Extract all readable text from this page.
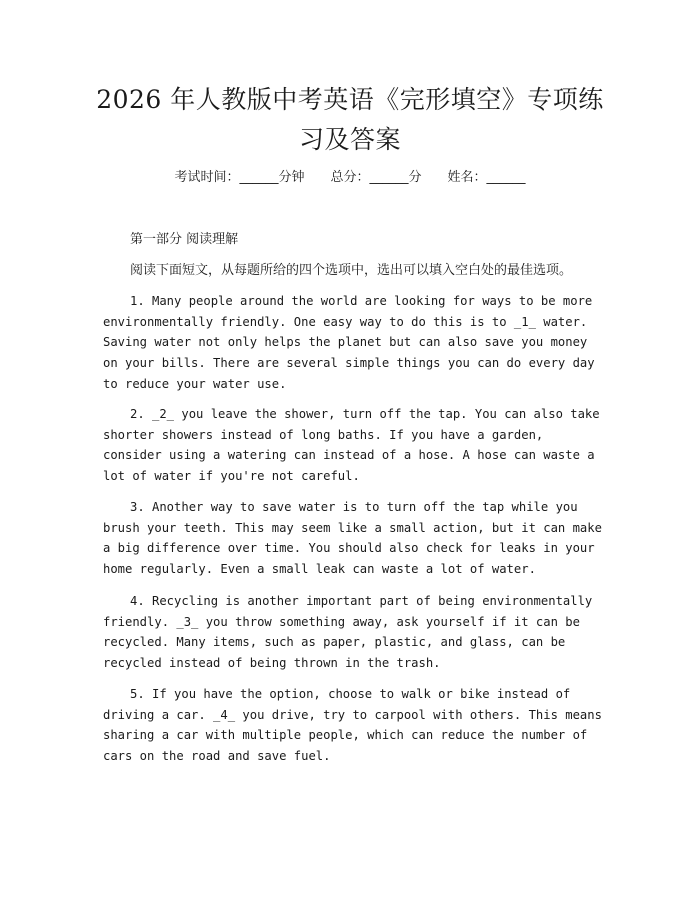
2026 年人教版中考英语《完形填空》专项练
习及答案
考试时间：______分钟 总分：______分 姓名：______
第一部分 阅读理解
阅读下面短文，从每题所给的四个选项中，选出可以填入空白处的最佳选项。
1. Many people around the world are looking for ways to be more environmentally friendly. One easy way to do this is to _1_ water. Saving water not only helps the planet but can also save you money on your bills. There are several simple things you can do every day to reduce your water use.
2. _2_ you leave the shower, turn off the tap. You can also take shorter showers instead of long baths. If you have a garden, consider using a watering can instead of a hose. A hose can waste a lot of water if you're not careful.
3. Another way to save water is to turn off the tap while you brush your teeth. This may seem like a small action, but it can make a big difference over time. You should also check for leaks in your home regularly. Even a small leak can waste a lot of water.
4. Recycling is another important part of being environmentally friendly. _3_ you throw something away, ask yourself if it can be recycled. Many items, such as paper, plastic, and glass, can be recycled instead of being thrown in the trash.
5. If you have the option, choose to walk or bike instead of driving a car. _4_ you drive, try to carpool with others. This means sharing a car with multiple people, which can reduce the number of cars on the road and save fuel.
